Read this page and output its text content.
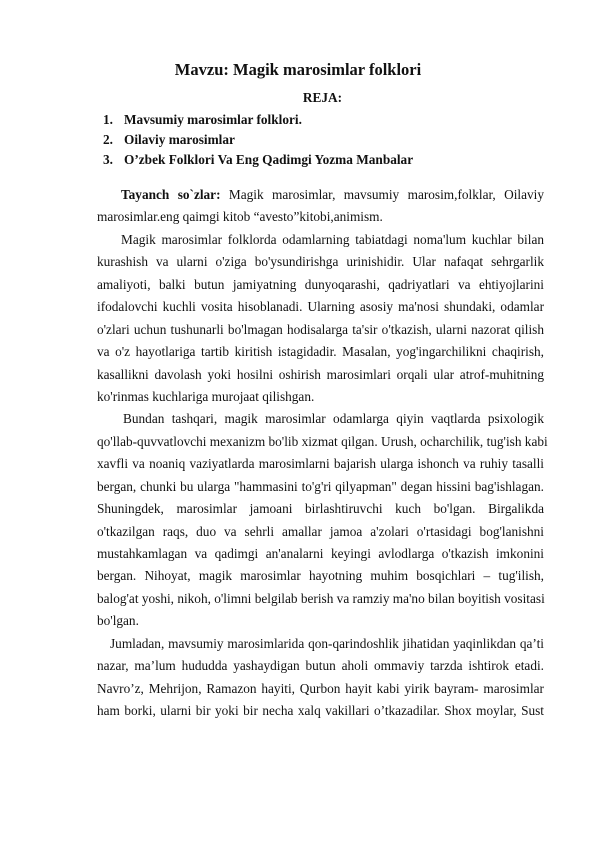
Mavzu: Magik marosimlar folklori
REJA:
1. Mavsumiy marosimlar folklori.
2. Oilaviy marosimlar
3. O’zbek Folklori Va Eng Qadimgi Yozma Manbalar
Tayanch so`zlar: Magik marosimlar, mavsumiy marosim,folklar, Oilaviy
marosimlar.eng qaimgi kitob “avesto”kitobi,animism.
Magik marosimlar folklorda odamlarning tabiatdagi noma'lum kuchlar bilan
kurashish va ularni o'ziga bo'ysundirishga urinishidir. Ular nafaqat sehrgarlik
amaliyoti, balki butun jamiyatning dunyoqarashi, qadriyatlari va ehtiyojlarini
ifodalovchi kuchli vosita hisoblanadi. Ularning asosiy ma'nosi shundaki, odamlar
o'zlari uchun tushunarli bo'lmagan hodisalarga ta'sir o'tkazish, ularni nazorat qilish
va o'z hayotlariga tartib kiritish istagidadir. Masalan, yog'ingarchilikni chaqirish,
kasallikni davolash yoki hosilni oshirish marosimlari orqali ular atrof-muhitning
ko'rinmas kuchlariga murojaat qilishgan.
Bundan tashqari, magik marosimlar odamlarga qiyin vaqtlarda psixologik
qo'llab-quvvatlovchi mexanizm bo'lib xizmat qilgan. Urush, ocharchilik, tug'ish kabi
xavfli va noaniq vaziyatlarda marosimlarni bajarish ularga ishonch va ruhiy tasalli
bergan, chunki bu ularga "hammasini to'g'ri qilyapman" degan hissini bag'ishlagan.
Shuningdek, marosimlar jamoani birlashtiruvchi kuch bo'lgan. Birgalikda
o'tkazilgan raqs, duo va sehrli amallar jamoa a'zolari o'rtasidagi bog'lanishni
mustahkamlagan va qadimgi an'analarni keyingi avlodlarga o'tkazish imkonini
bergan. Nihoyat, magik marosimlar hayotning muhim bosqichlari – tug'ilish,
balog'at yoshi, nikoh, o'limni belgilab berish va ramziy ma'no bilan boyitish vositasi
bo'lgan.
Jumladan, mavsumiy marosimlarida qon-qarindoshlik jihatidan yaqinlikdan qa’ti
nazar, ma’lum hududda yashaydigan butun aholi ommaviy tarzda ishtirok etadi.
Navro’z, Mehrijon, Ramazon hayiti, Qurbon hayit kabi yirik bayram- marosimlar
ham borki, ularni bir yoki bir necha xalq vakillari o’tkazadilar. Shox moylar, Sust
